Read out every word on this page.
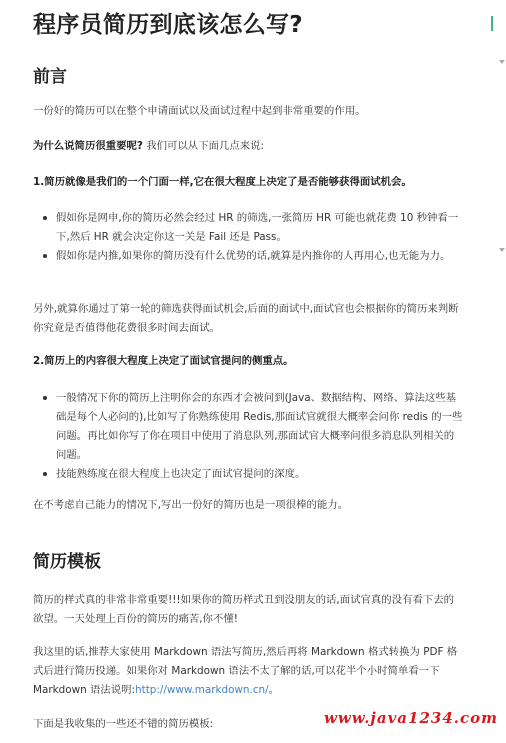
程序员简历到底该怎么写?
前言

一份好的简历可以在整个申请面试以及面试过程中起到非常重要的作用。

为什么说简历很重要呢? 我们可以从下面几点来说:

1.简历就像是我们的一个门面一样,它在很大程度上决定了是否能够获得面试机会。

假如你是网申,你的简历必然会经过 HR 的筛选,一张简历 HR 可能也就花费 10 秒钟看一下,然后 HR 就会决定你这一关是 Fail 还是 Pass。
假如你是内推,如果你的简历没有什么优势的话,就算是内推你的人再用心,也无能为力。

另外,就算你通过了第一轮的筛选获得面试机会,后面的面试中,面试官也会根据你的简历来判断你究竟是否值得他花费很多时间去面试。

2.简历上的内容很大程度上决定了面试官提问的侧重点。

一般情况下你的简历上注明你会的东西才会被问到(Java、数据结构、网络、算法这些基础是每个人必问的),比如写了你熟练使用 Redis,那面试官就很大概率会问你 redis 的一些问题。再比如你写了你在项目中使用了消息队列,那面试官大概率问很多消息队列相关的问题。
技能熟练度在很大程度上也决定了面试官提问的深度。

在不考虑自己能力的情况下,写出一份好的简历也是一项很棒的能力。

简历模板

简历的样式真的非常非常重要!!!如果你的简历样式丑到没朋友的话,面试官真的没有看下去的欲望。一天处理上百份的简历的痛苦,你不懂!

我这里的话,推荐大家使用 Markdown 语法写简历,然后再将 Markdown 格式转换为 PDF 格式后进行简历投递。如果你对 Markdown 语法不太了解的话,可以花半个小时简单看一下 Markdown 语法说明:http://www.markdown.cn/。

下面是我收集的一些还不错的简历模板:	www.java1234.com
